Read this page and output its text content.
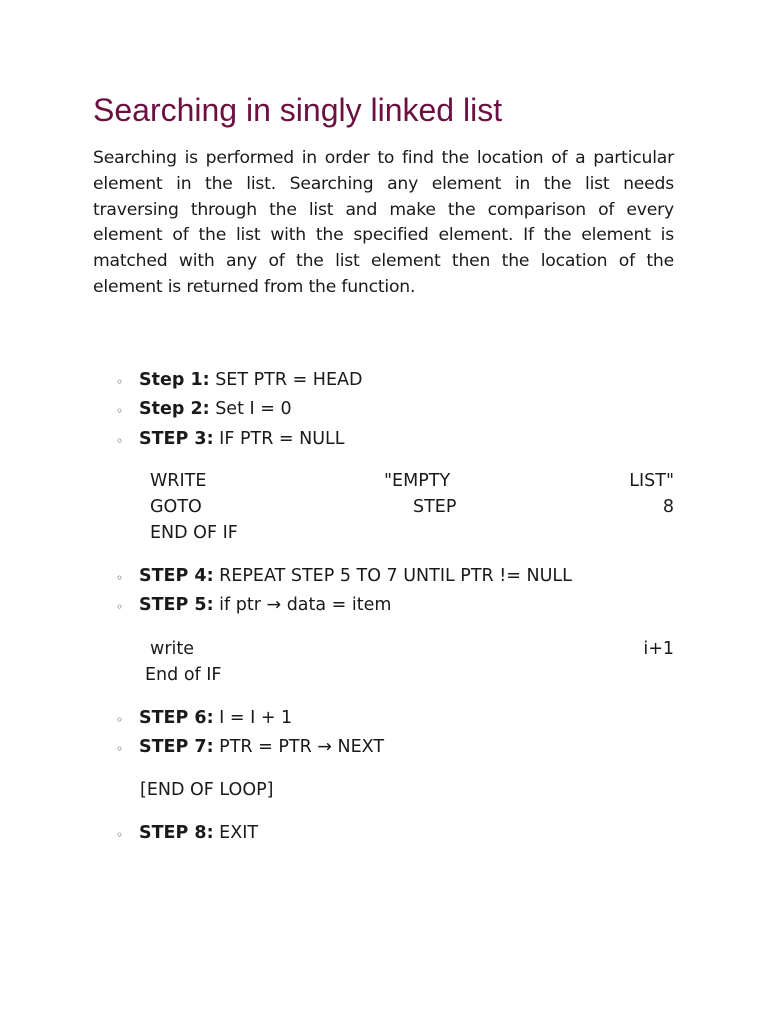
Searching in singly linked list

Searching is performed in order to find the location of a particular element in the list. Searching any element in the list needs traversing through the list and make the comparison of every element of the list with the specified element. If the element is matched with any of the list element then the location of the element is returned from the function.

◦ Step 1: SET PTR = HEAD
◦ Step 2: Set I = 0
◦ STEP 3: IF PTR = NULL
WRITE	"EMPTY	LIST"
GOTO	STEP	8
END OF IF
◦ STEP 4: REPEAT STEP 5 TO 7 UNTIL PTR != NULL
◦ STEP 5: if ptr → data = item
write	i+1
End of IF
◦ STEP 6: I = I + 1
◦ STEP 7: PTR = PTR → NEXT
[END OF LOOP]
◦ STEP 8: EXIT
